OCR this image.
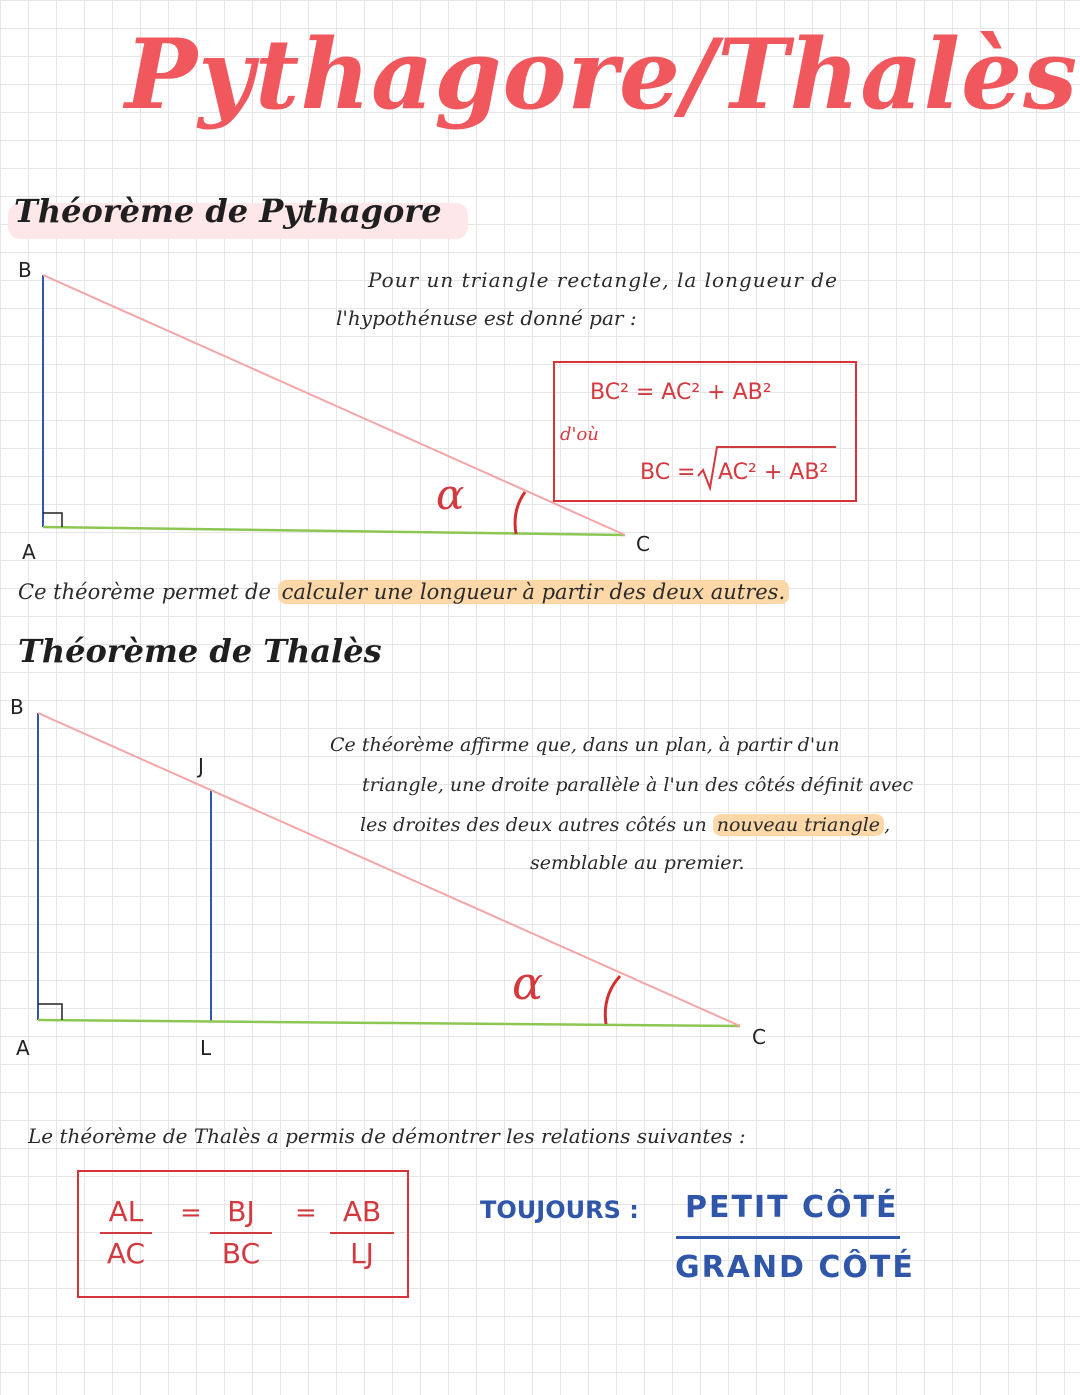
Pythagore/Thalès
Théorème de Pythagore
B
A	C
α
Pour un triangle rectangle, la longueur de
l'hypothénuse est donné par :
BC² = AC² + AB²
d'où
BC = AC² + AB²
Ce théorème permet de calculer une longueur à partir des deux autres.
Théorème de Thalès
B
J
A	L	C
α
Ce théorème affirme que, dans un plan, à partir d'un
triangle, une droite parallèle à l'un des côtés définit avec
les droites des deux autres côtés un nouveau triangle ,
semblable au premier.
Le théorème de Thalès a permis de démontrer les relations suivantes :
AL
AC
= BJ
BC
= AB
LJ
TOUJOURS : PETIT CÔTÉ
GRAND CÔTÉ
